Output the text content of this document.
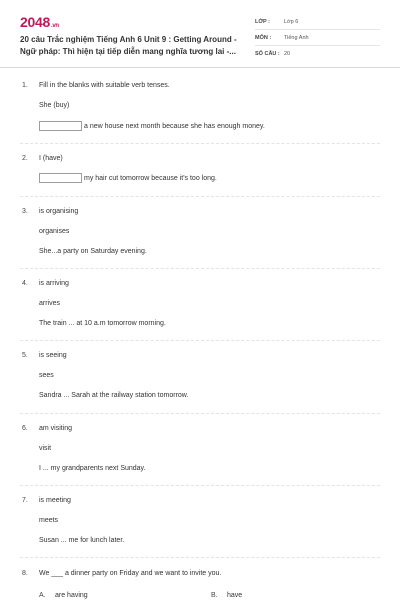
2048.vn
20 câu Trắc nghiệm Tiếng Anh 6 Unit 9 : Getting Around - Ngữ pháp: Thì hiện tại tiếp diễn mang nghĩa tương lai -...
LỚP :	Lớp 6
MÔN : Tiếng Anh
SỐ CÂU : 20
1. Fill in the blanks with suitable verb tenses.
She (buy)
a new house next month because she has enough money.
2. I (have)
my hair cut tomorrow because it's too long.
3. is organising
organises
She...a party on Saturday evening.
4. is arriving
arrives
The train ... at 10 a.m tomorrow morning.
5. is seeing
sees
Sandra ... Sarah at the railway station tomorrow.
6. am visiting
visit
I ... my grandparents next Sunday.
7. is meeting
meets
Susan ... me for lunch later.
8. We ___ a dinner party on Friday and we want to invite you.
A. are having	B. have
